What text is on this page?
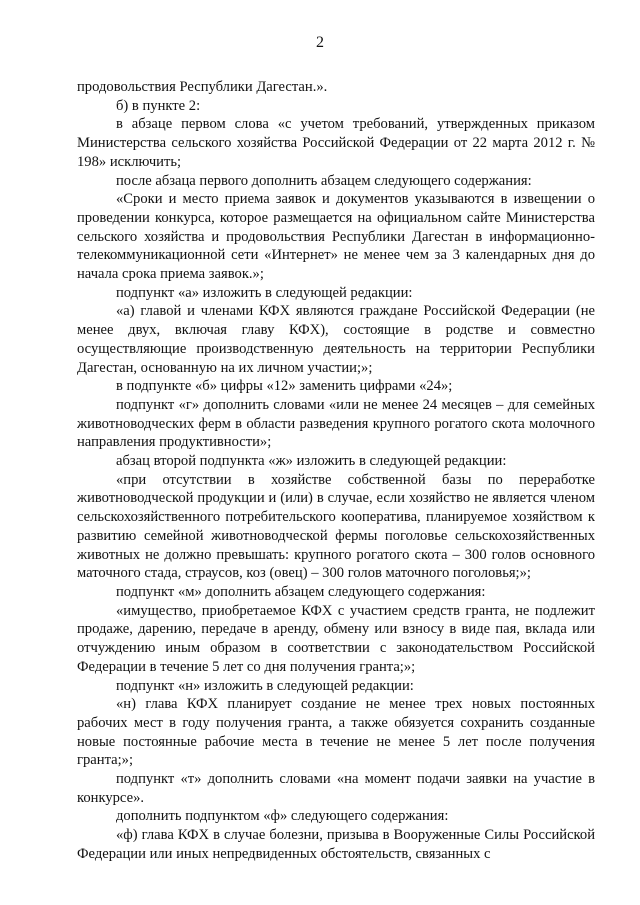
2

продовольствия Республики Дагестан.».

б) в пункте 2:

в абзаце первом слова «с учетом требований, утвержденных приказом Министерства сельского хозяйства Российской Федерации от 22 марта 2012 г. № 198» исключить;

после абзаца первого дополнить абзацем следующего содержания:

«Сроки и место приема заявок и документов указываются в извещении о проведении конкурса, которое размещается на официальном сайте Министерства сельского хозяйства и продовольствия Республики Дагестан в информационно-телекоммуникационной сети «Интернет» не менее чем за 3 календарных дня до начала срока приема заявок.»;

подпункт «а» изложить в следующей редакции:

«а) главой и членами КФХ являются граждане Российской Федерации (не менее двух, включая главу КФХ), состоящие в родстве и совместно осуществляющие производственную деятельность на территории Республики Дагестан, основанную на их личном участии;»;

в подпункте «б» цифры «12» заменить цифрами «24»;

подпункт «г» дополнить словами «или не менее 24 месяцев – для семейных животноводческих ферм в области разведения крупного рогатого скота молочного направления продуктивности»;

абзац второй подпункта «ж» изложить в следующей редакции:

«при отсутствии в хозяйстве собственной базы по переработке животноводческой продукции и (или) в случае, если хозяйство не является членом сельскохозяйственного потребительского кооператива, планируемое хозяйством к развитию семейной животноводческой фермы поголовье сельскохозяйственных животных не должно превышать: крупного рогатого скота – 300 голов основного маточного стада, страусов, коз (овец) – 300 голов маточного поголовья;»;

подпункт «м» дополнить абзацем следующего содержания:

«имущество, приобретаемое КФХ с участием средств гранта, не подлежит продаже, дарению, передаче в аренду, обмену или взносу в виде пая, вклада или отчуждению иным образом в соответствии с законодательством Российской Федерации в течение 5 лет со дня получения гранта;»;

подпункт «н» изложить в следующей редакции:

«н) глава КФХ планирует создание не менее трех новых постоянных рабочих мест в году получения гранта, а также обязуется сохранить созданные новые постоянные рабочие места в течение не менее 5 лет после получения гранта;»;

подпункт «т» дополнить словами «на момент подачи заявки на участие в конкурсе».

дополнить подпунктом «ф» следующего содержания:

«ф) глава КФХ в случае болезни, призыва в Вооруженные Силы Российской Федерации или иных непредвиденных обстоятельств, связанных с
